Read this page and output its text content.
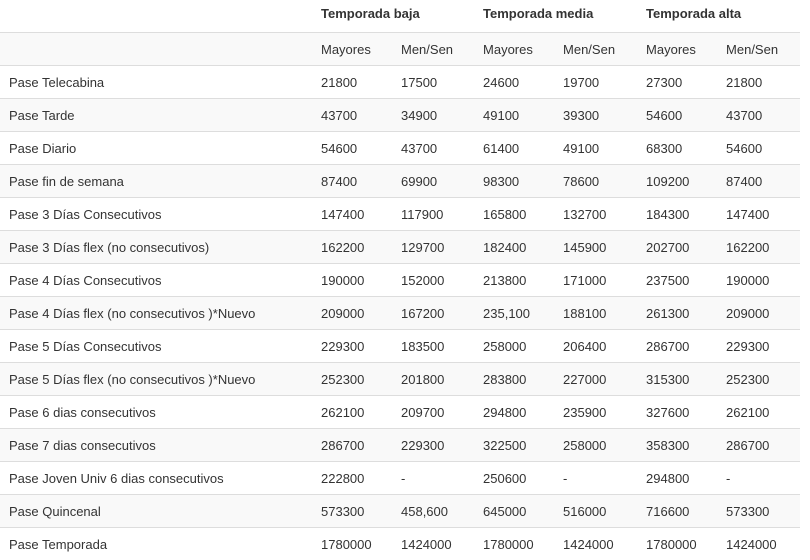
	Temporada baja		Temporada media		Temporada alta	
	Mayores	Men/Sen	Mayores	Men/Sen	Mayores	Men/Sen
Pase Telecabina	21800	17500	24600	19700	27300	21800
Pase Tarde	43700	34900	49100	39300	54600	43700
Pase Diario	54600	43700	61400	49100	68300	54600
Pase fin de semana	87400	69900	98300	78600	109200	87400
Pase 3 Días Consecutivos	147400	117900	165800	132700	184300	147400
Pase 3 Días flex (no consecutivos)	162200	129700	182400	145900	202700	162200
Pase 4 Días Consecutivos	190000	152000	213800	171000	237500	190000
Pase 4 Días flex (no consecutivos )*Nuevo	209000	167200	235,100	188100	261300	209000
Pase 5 Días Consecutivos	229300	183500	258000	206400	286700	229300
Pase 5 Días flex (no consecutivos )*Nuevo	252300	201800	283800	227000	315300	252300
Pase 6 dias consecutivos	262100	209700	294800	235900	327600	262100
Pase 7 dias consecutivos	286700	229300	322500	258000	358300	286700
Pase Joven Univ 6 dias consecutivos	222800	-	250600	-	294800	-
Pase Quincenal	573300	458,600	645000	516000	716600	573300
Pase Temporada	1780000	1424000	1780000	1424000	1780000	1424000
